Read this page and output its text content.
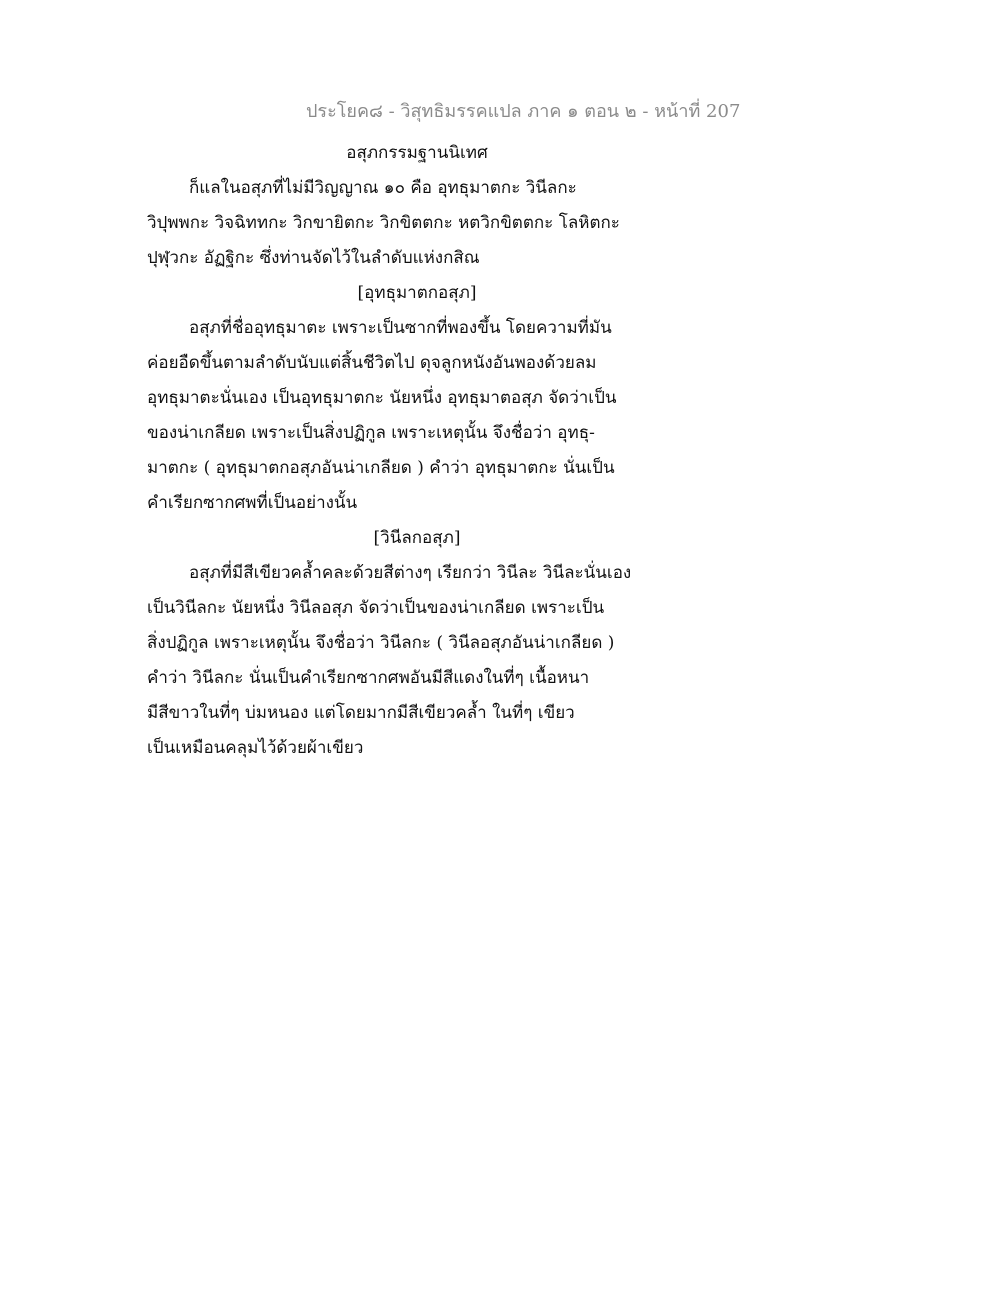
ประโยค๘ - วิสุทธิมรรคแปล ภาค ๑ ตอน ๒ - หน้าที่ 207
อสุภกรรมฐานนิเทศ
ก็แลในอสุภที่ไม่มีวิญญาณ ๑๐ คือ อุทธุมาตกะ วินีลกะ
วิปุพพกะ วิจฉิททกะ วิกขายิตกะ วิกขิตตกะ หตวิกขิตตกะ โลหิตกะ
ปุฬุวกะ อัฏฐิกะ ซึ่งท่านจัดไว้ในลำดับแห่งกสิณ
[อุทธุมาตกอสุภ]
อสุภที่ชื่ออุทธุมาตะ เพราะเป็นซากที่พองขึ้น โดยความที่มัน
ค่อยอืดขึ้นตามลำดับนับแต่สิ้นชีวิตไป ดุจลูกหนังอันพองด้วยลม
อุทธุมาตะนั่นเอง เป็นอุทธุมาตกะ นัยหนึ่ง อุทธุมาตอสุภ จัดว่าเป็น
ของน่าเกลียด เพราะเป็นสิ่งปฏิกูล เพราะเหตุนั้น จึงชื่อว่า อุทธุ-
มาตกะ ( อุทธุมาตกอสุภอันน่าเกลียด ) คำว่า อุทธุมาตกะ นั่นเป็น
คำเรียกซากศพที่เป็นอย่างนั้น
[วินีลกอสุภ]
อสุภที่มีสีเขียวคล้ำคละด้วยสีต่างๆ เรียกว่า วินีละ วินีละนั่นเอง
เป็นวินีลกะ นัยหนึ่ง วินีลอสุภ จัดว่าเป็นของน่าเกลียด เพราะเป็น
สิ่งปฏิกูล เพราะเหตุนั้น จึงชื่อว่า วินีลกะ ( วินีลอสุภอันน่าเกลียด )
คำว่า วินีลกะ นั่นเป็นคำเรียกซากศพอันมีสีแดงในที่ๆ เนื้อหนา
มีสีขาวในที่ๆ บ่มหนอง แต่โดยมากมีสีเขียวคล้ำ ในที่ๆ เขียว
เป็นเหมือนคลุมไว้ด้วยผ้าเขียว
